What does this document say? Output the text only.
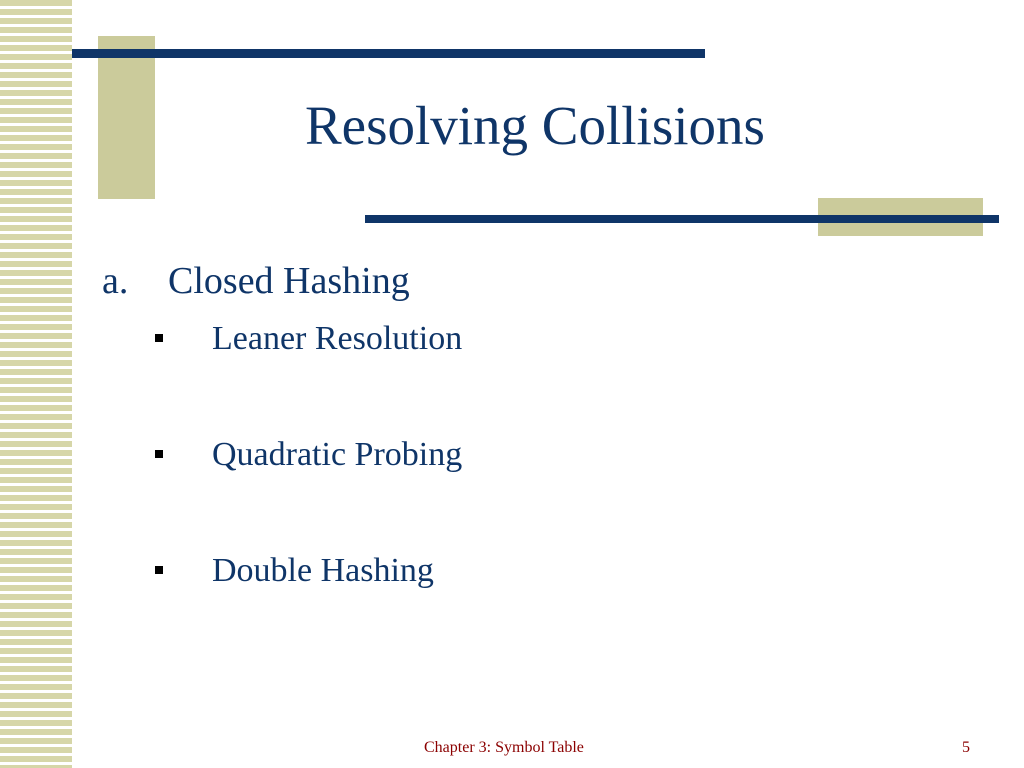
Resolving Collisions
a. Closed Hashing
Leaner Resolution
Quadratic Probing
Double Hashing
Chapter 3: Symbol Table	5
